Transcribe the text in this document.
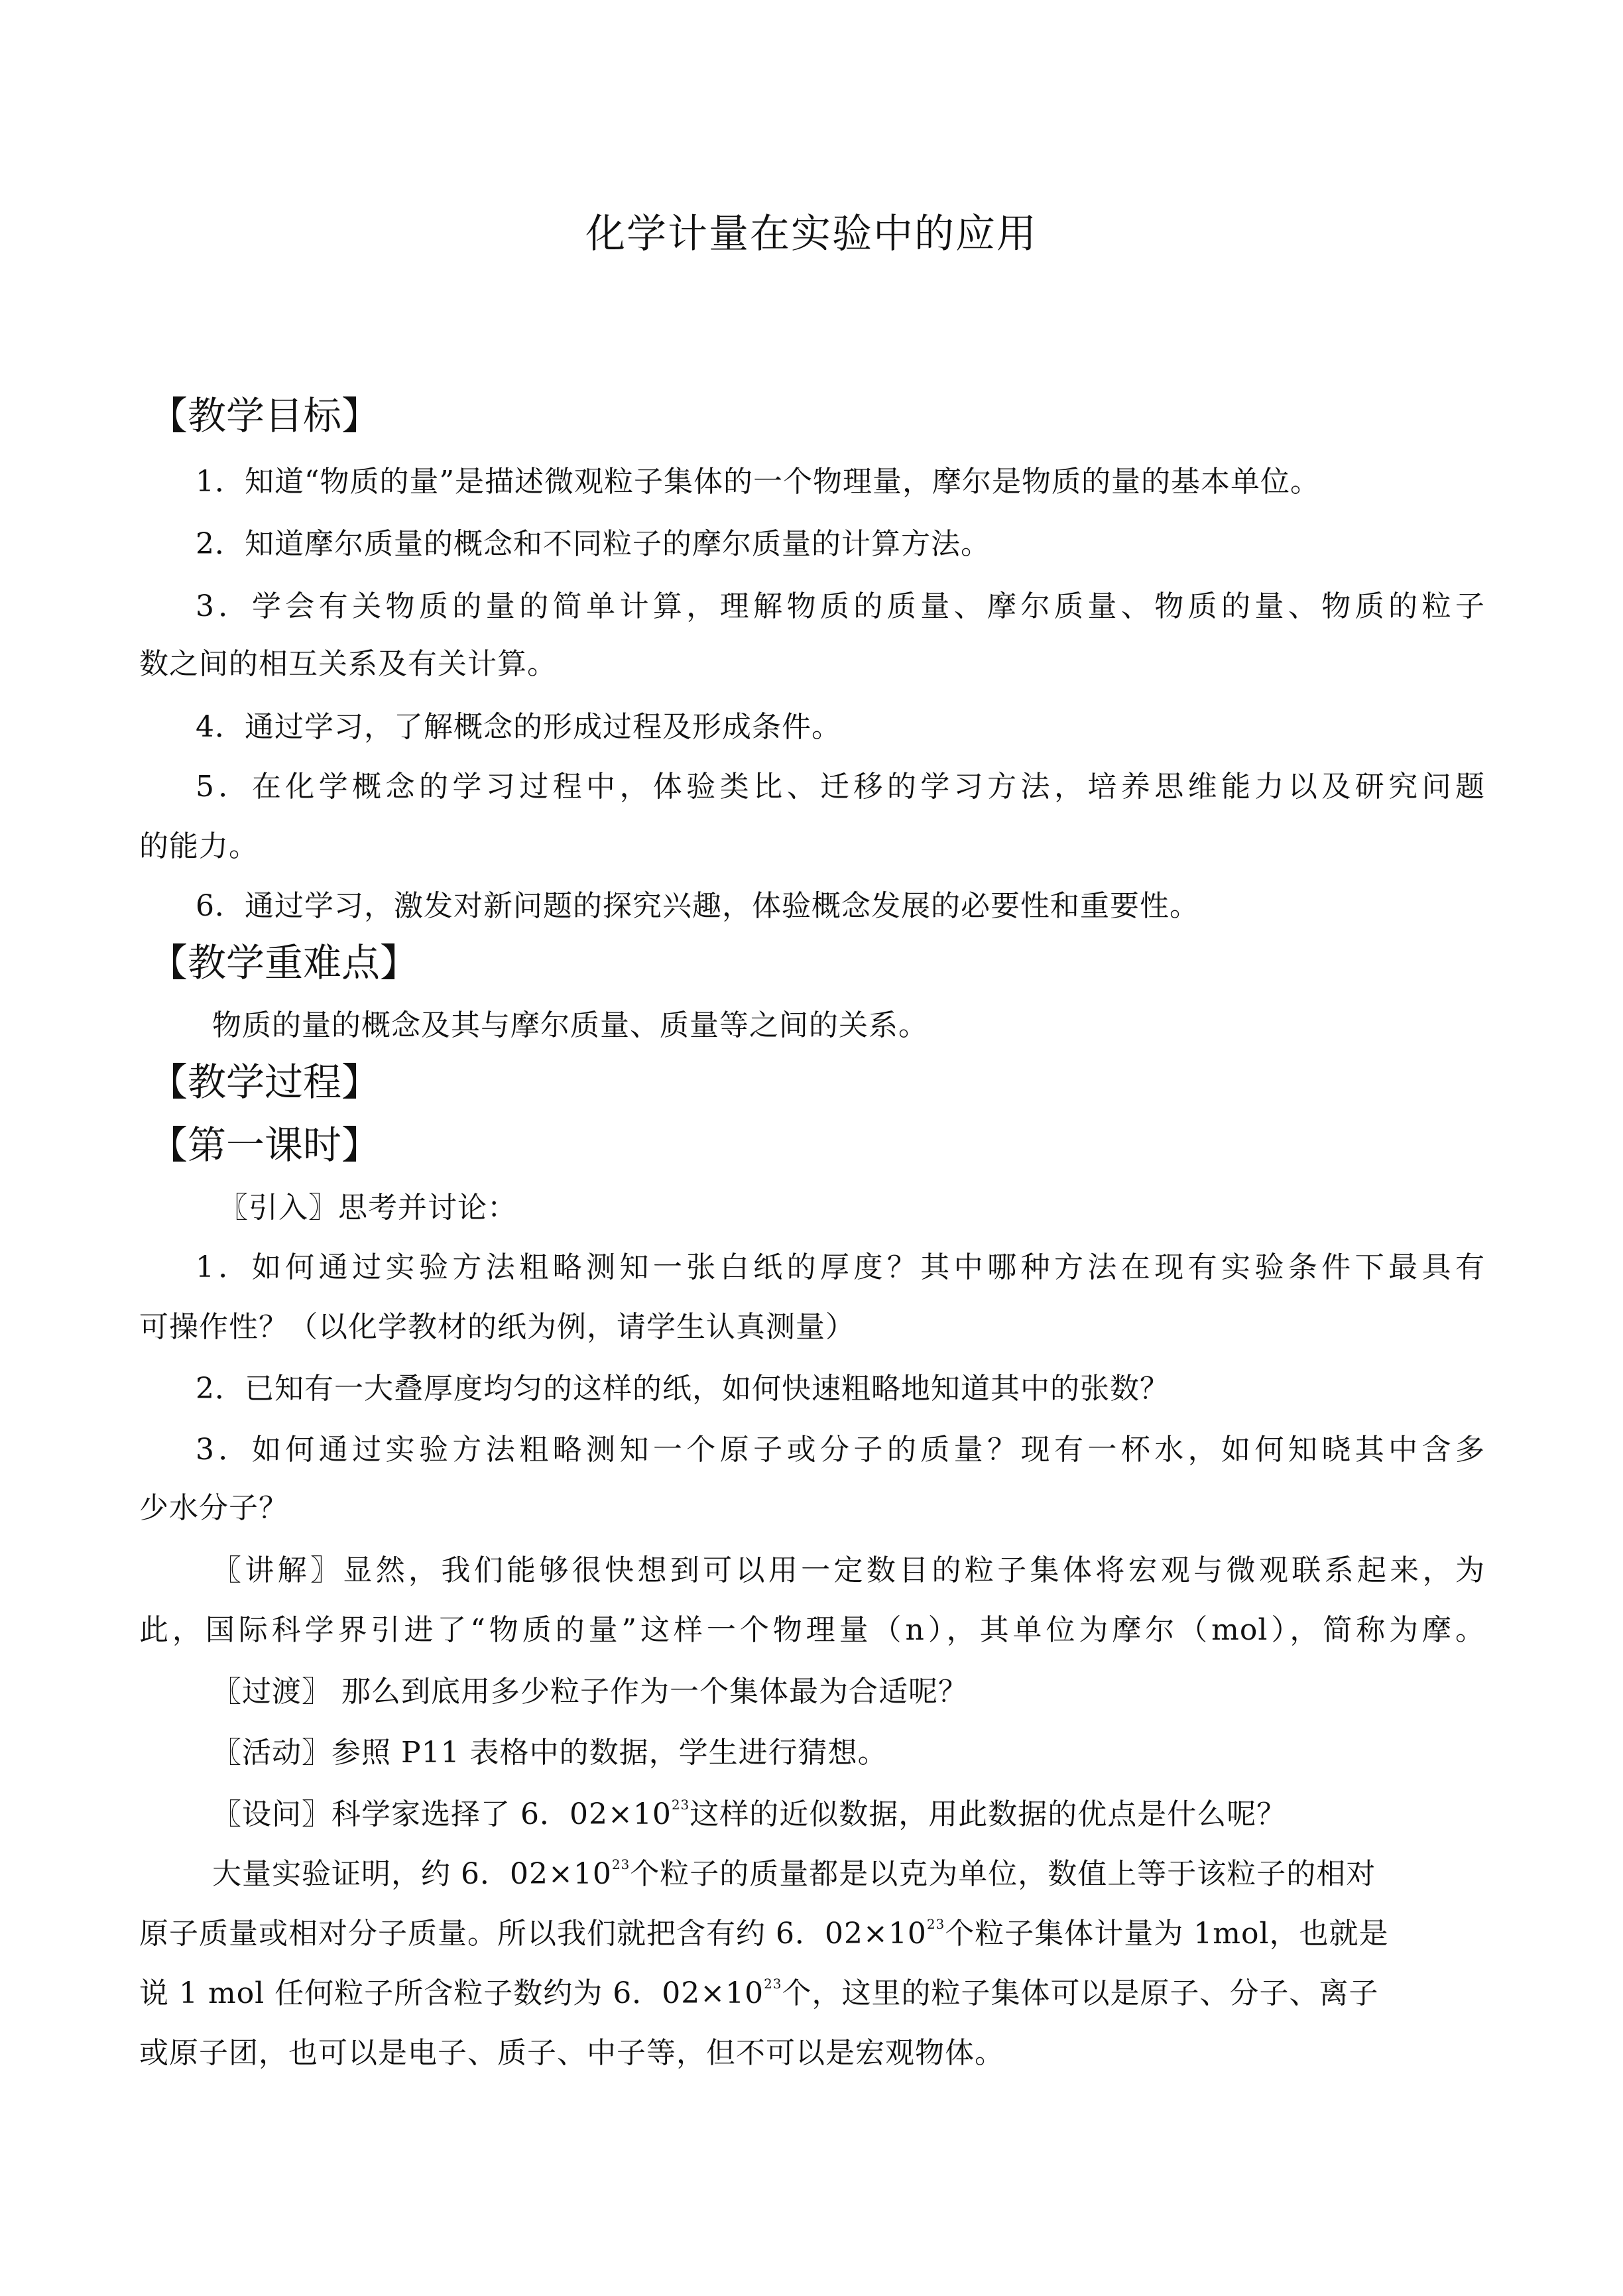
化学计量在实验中的应用
【教学目标】
1．知道“物质的量”是描述微观粒子集体的一个物理量，摩尔是物质的量的基本单位。
2．知道摩尔质量的概念和不同粒子的摩尔质量的计算方法。
3．学会有关物质的量的简单计算，理解物质的质量、摩尔质量、物质的量、物质的粒子
数之间的相互关系及有关计算。
4．通过学习，了解概念的形成过程及形成条件。
5．在化学概念的学习过程中，体验类比、迁移的学习方法，培养思维能力以及研究问题
的能力。
6．通过学习，激发对新问题的探究兴趣，体验概念发展的必要性和重要性。
【教学重难点】
物质的量的概念及其与摩尔质量、质量等之间的关系。
【教学过程】
【第一课时】
〖引入〗思考并讨论：
1．如何通过实验方法粗略测知一张白纸的厚度？其中哪种方法在现有实验条件下最具有
可操作性？（以化学教材的纸为例，请学生认真测量）
2．已知有一大叠厚度均匀的这样的纸，如何快速粗略地知道其中的张数？
3．如何通过实验方法粗略测知一个原子或分子的质量？现有一杯水，如何知晓其中含多
少水分子？
〖讲解〗显然，我们能够很快想到可以用一定数目的粒子集体将宏观与微观联系起来，为
此，国际科学界引进了“物质的量”这样一个物理量（n），其单位为摩尔（mol），简称为摩。
〖过渡〗 那么到底用多少粒子作为一个集体最为合适呢？
〖活动〗参照 P11 表格中的数据，学生进行猜想。
〖设问〗科学家选择了 6．$02\times 10^{23}$这样的近似数据，用此数据的优点是什么呢？
大量实验证明，约 6．$02\times 10^{23}$个粒子的质量都是以克为单位，数值上等于该粒子的相对
原子质量或相对分子质量。所以我们就把含有约 6．$02\times 10^{23}$个粒子集体计量为 1mol，也就是
说 1 mol 任何粒子所含粒子数约为 6．$02\times 10^{23}$个，这里的粒子集体可以是原子、分子、离子
或原子团，也可以是电子、质子、中子等，但不可以是宏观物体。
